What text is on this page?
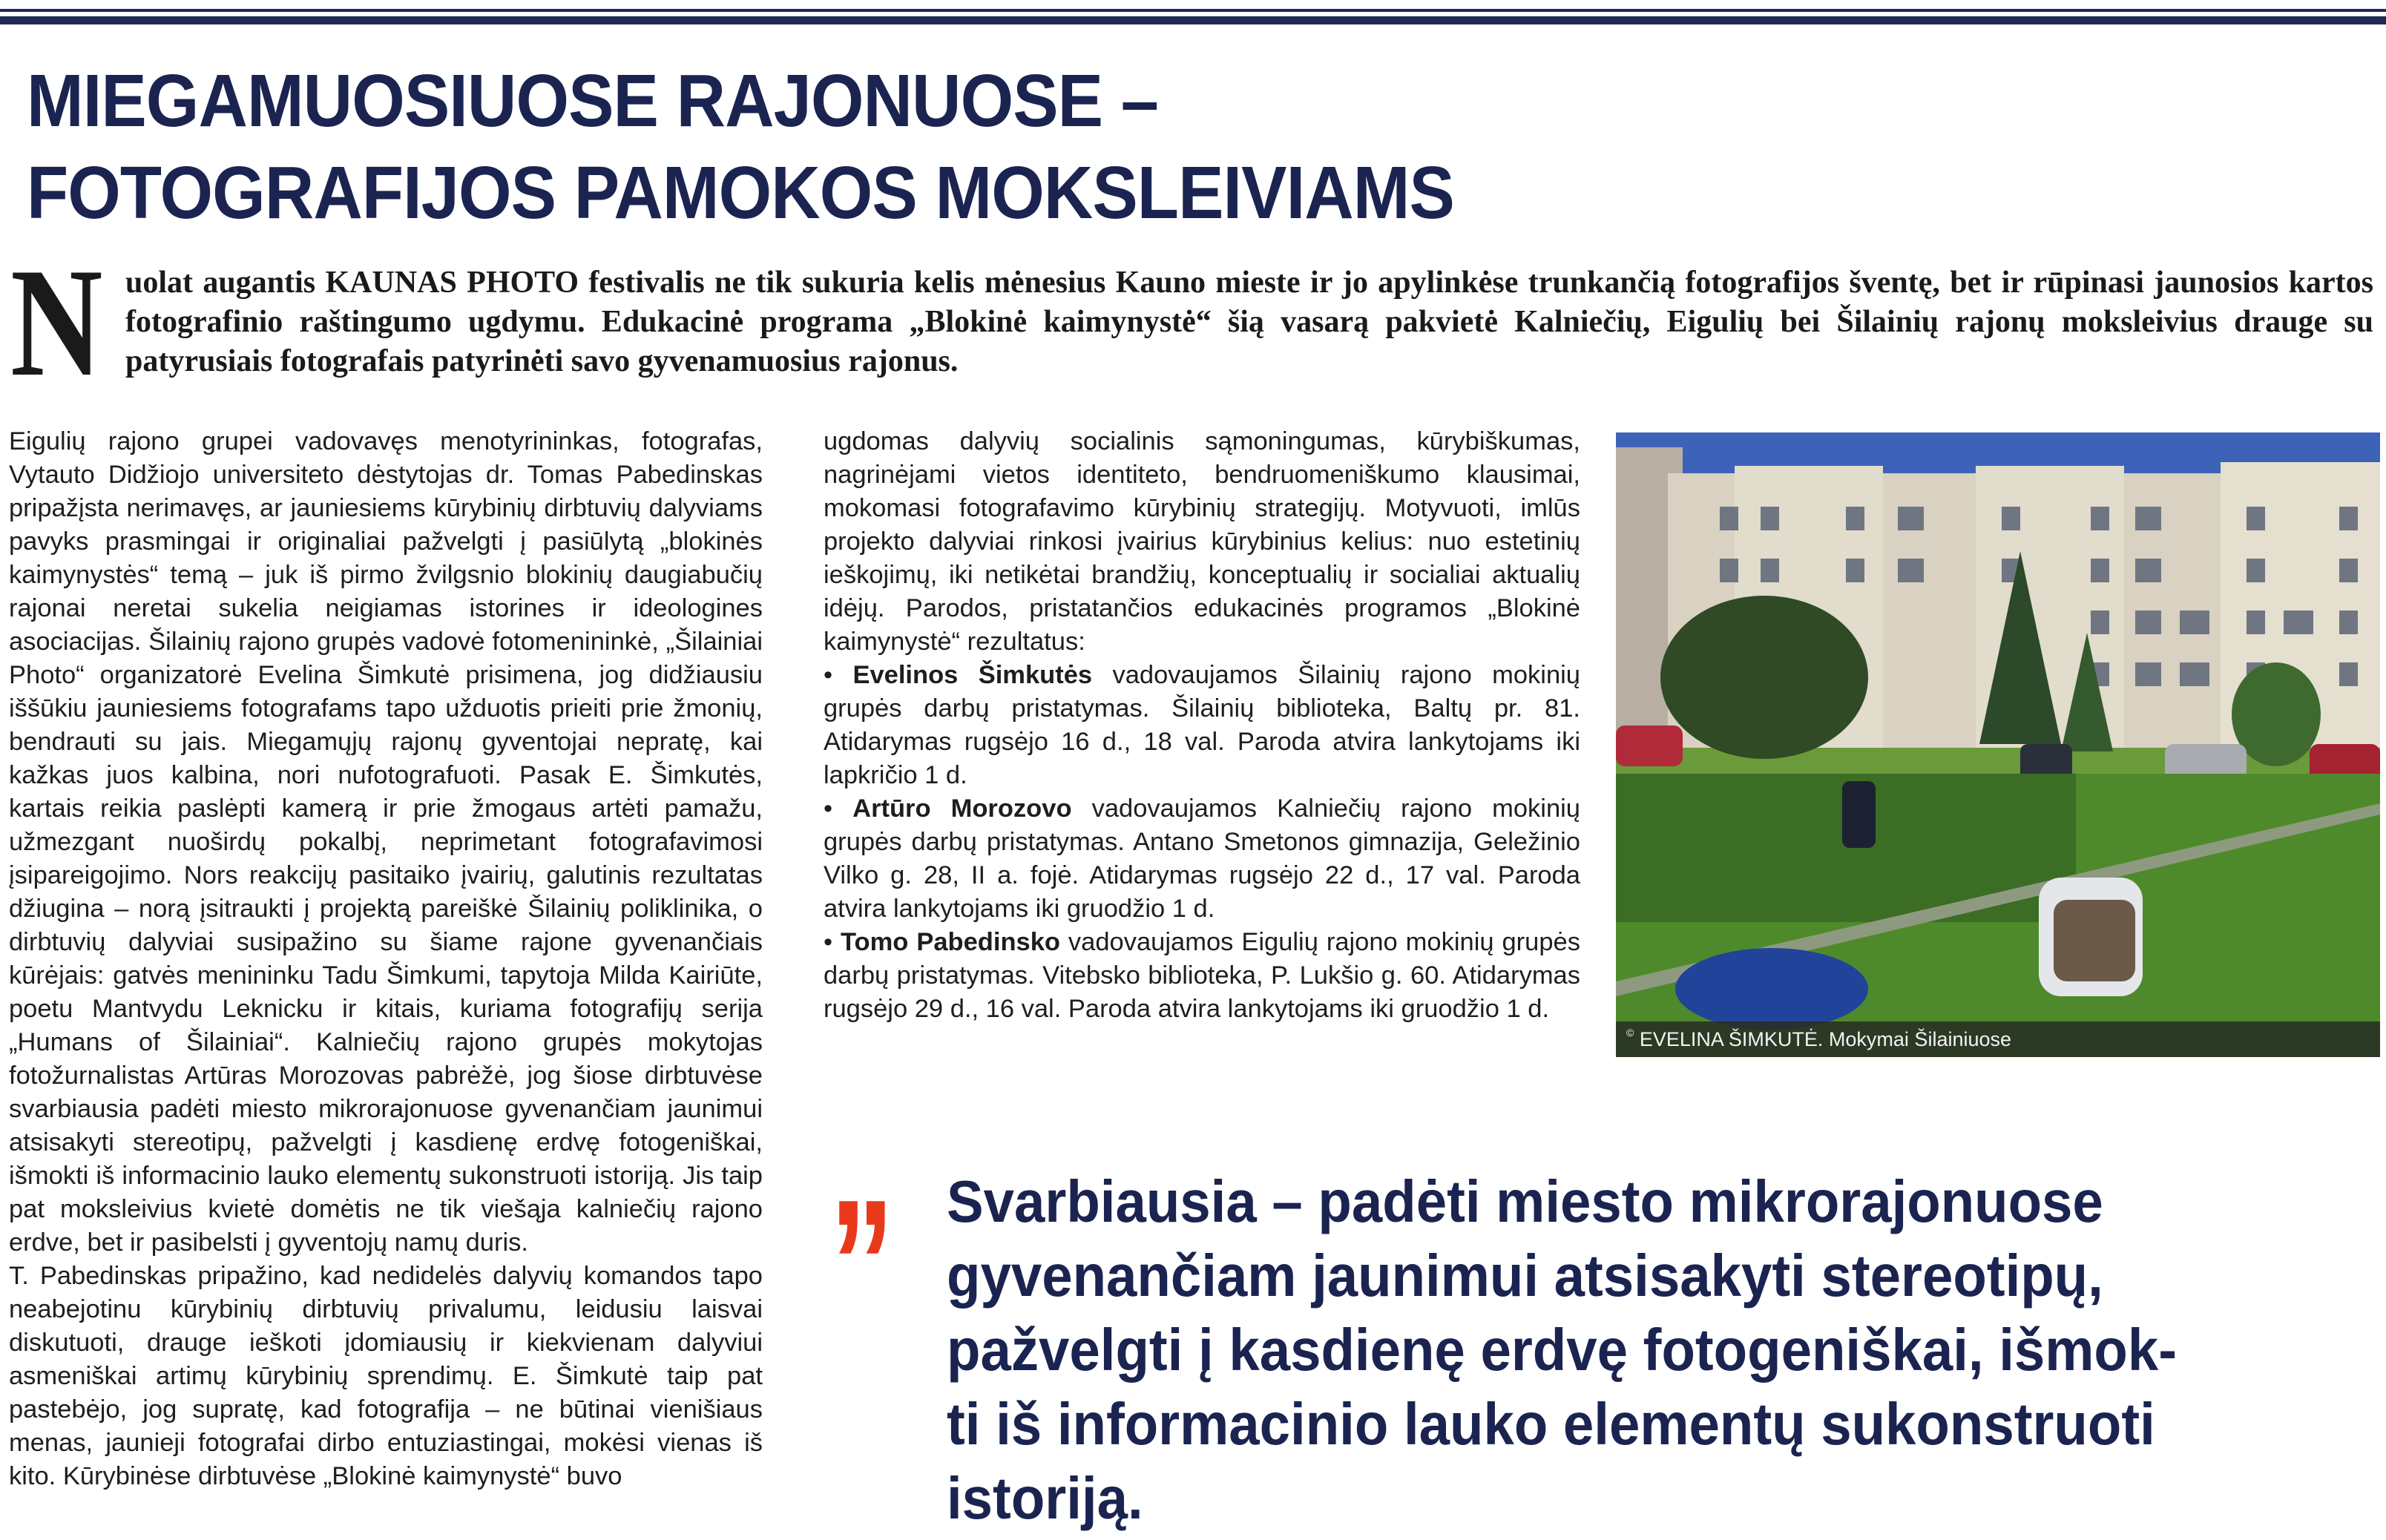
MIEGAMUOSIUOSE RAJONUOSE –
FOTOGRAFIJOS PAMOKOS MOKSLEIVIAMS
N uolat augantis KAUNAS PHOTO festivalis ne tik sukuria kelis mėnesius Kauno mieste ir jo apylinkėse trunkančią fotografijos šventę, bet ir rūpinasi jaunosios kartos fotografinio raštingumo ugdymu. Edukacinė programa „Blokinė kaimynystė“ šią vasarą pakvietė Kalniečių, Eigulių bei Šilainių rajonų moksleivius drauge su patyrusiais fotografais patyrinėti savo gyvenamuosius rajonus.

Eigulių rajono grupei vadovavęs menotyrininkas, fotografas, Vytauto Didžiojo universiteto dėstytojas dr. Tomas Pabedinskas pripažįsta nerimavęs, ar jauniesiems kūrybinių dirbtuvių dalyviams pavyks prasmingai ir originaliai pažvelgti į pasiūlytą „blokinės kaimynystės“ temą – juk iš pirmo žvilgsnio blokinių daugiabučių rajonai neretai sukelia neigiamas istorines ir ideologines asociacijas. Šilainių rajono grupės vadovė fotomenininkė, „Šilainiai Photo“ organizatorė Evelina Šimkutė prisimena, jog didžiausiu iššūkiu jauniesiems fotografams tapo užduotis prieiti prie žmonių, bendrauti su jais. Miegamųjų rajonų gyventojai nepratę, kai kažkas juos kalbina, nori nufotografuoti. Pasak E. Šimkutės, kartais reikia paslėpti kamerą ir prie žmogaus artėti pamažu, užmezgant nuoširdų pokalbį, neprimetant fotografavimosi įsipareigojimo. Nors reakcijų pasitaiko įvairių, galutinis rezultatas džiugina – norą įsitraukti į projektą pareiškė Šilainių poliklinika, o dirbtuvių dalyviai susipažino su šiame rajone gyvenančiais kūrėjais: gatvės menininku Tadu Šimkumi, tapytoja Milda Kairiūte, poetu Mantvydu Leknicku ir kitais, kuriama fotografijų serija „Humans of Šilainiai“. Kalniečių rajono grupės mokytojas fotožurnalistas Artūras Morozovas pabrėžė, jog šiose dirbtuvėse svarbiausia padėti miesto mikrorajonuose gyvenančiam jaunimui atsisakyti stereotipų, pažvelgti į kasdienę erdvę fotogeniškai, išmokti iš informacinio lauko elementų sukonstruoti istoriją. Jis taip pat moksleivius kvietė domėtis ne tik viešąja kalniečių rajono erdve, bet ir pasibelsti į gyventojų namų duris.

T. Pabedinskas pripažino, kad nedidelės dalyvių komandos tapo neabejotinu kūrybinių dirbtuvių privalumu, leidusiu laisvai diskutuoti, drauge ieškoti įdomiausių ir kiekvienam dalyviui asmeniškai artimų kūrybinių sprendimų. E. Šimkutė taip pat pastebėjo, jog supratę, kad fotografija – ne būtinai vienišiaus menas, jaunieji fotografai dirbo entuziastingai, mokėsi vienas iš kito. Kūrybinėse dirbtuvėse „Blokinė kaimynystė“ buvo

ugdomas dalyvių socialinis sąmoningumas, kūrybiškumas, nagrinėjami vietos identiteto, bendruomeniškumo klausimai, mokomasi fotografavimo kūrybinių strategijų. Motyvuoti, imlūs projekto dalyviai rinkosi įvairius kūrybinius kelius: nuo estetinių ieškojimų, iki netikėtai brandžių, konceptualių ir socialiai aktualių idėjų. Parodos, pristatančios edukacinės programos „Blokinė kaimynystė“ rezultatus:

• Evelinos Šimkutės vadovaujamos Šilainių rajono mokinių grupės darbų pristatymas. Šilainių biblioteka, Baltų pr. 81. Atidarymas rugsėjo 16 d., 18 val. Paroda atvira lankytojams iki lapkričio 1 d.

• Artūro Morozovo vadovaujamos Kalniečių rajono mokinių grupės darbų pristatymas. Antano Smetonos gimnazija, Geležinio Vilko g. 28, II a. fojė. Atidarymas rugsėjo 22 d., 17 val. Paroda atvira lankytojams iki gruodžio 1 d.

• Tomo Pabedinsko vadovaujamos Eigulių rajono mokinių grupės darbų pristatymas. Vitebsko biblioteka, P. Lukšio g. 60. Atidarymas rugsėjo 29 d., 16 val. Paroda atvira lankytojams iki gruodžio 1 d.

© EVELINA ŠIMKUTĖ. Mokymai Šilainiuose
„ Svarbiausia – padėti miesto mikrorajonuose
gyvenančiam jaunimui atsisakyti stereotipų,
pažvelgti į kasdienę erdvę fotogeniškai, išmok-
ti iš informacinio lauko elementų sukonstruoti
istoriją.
